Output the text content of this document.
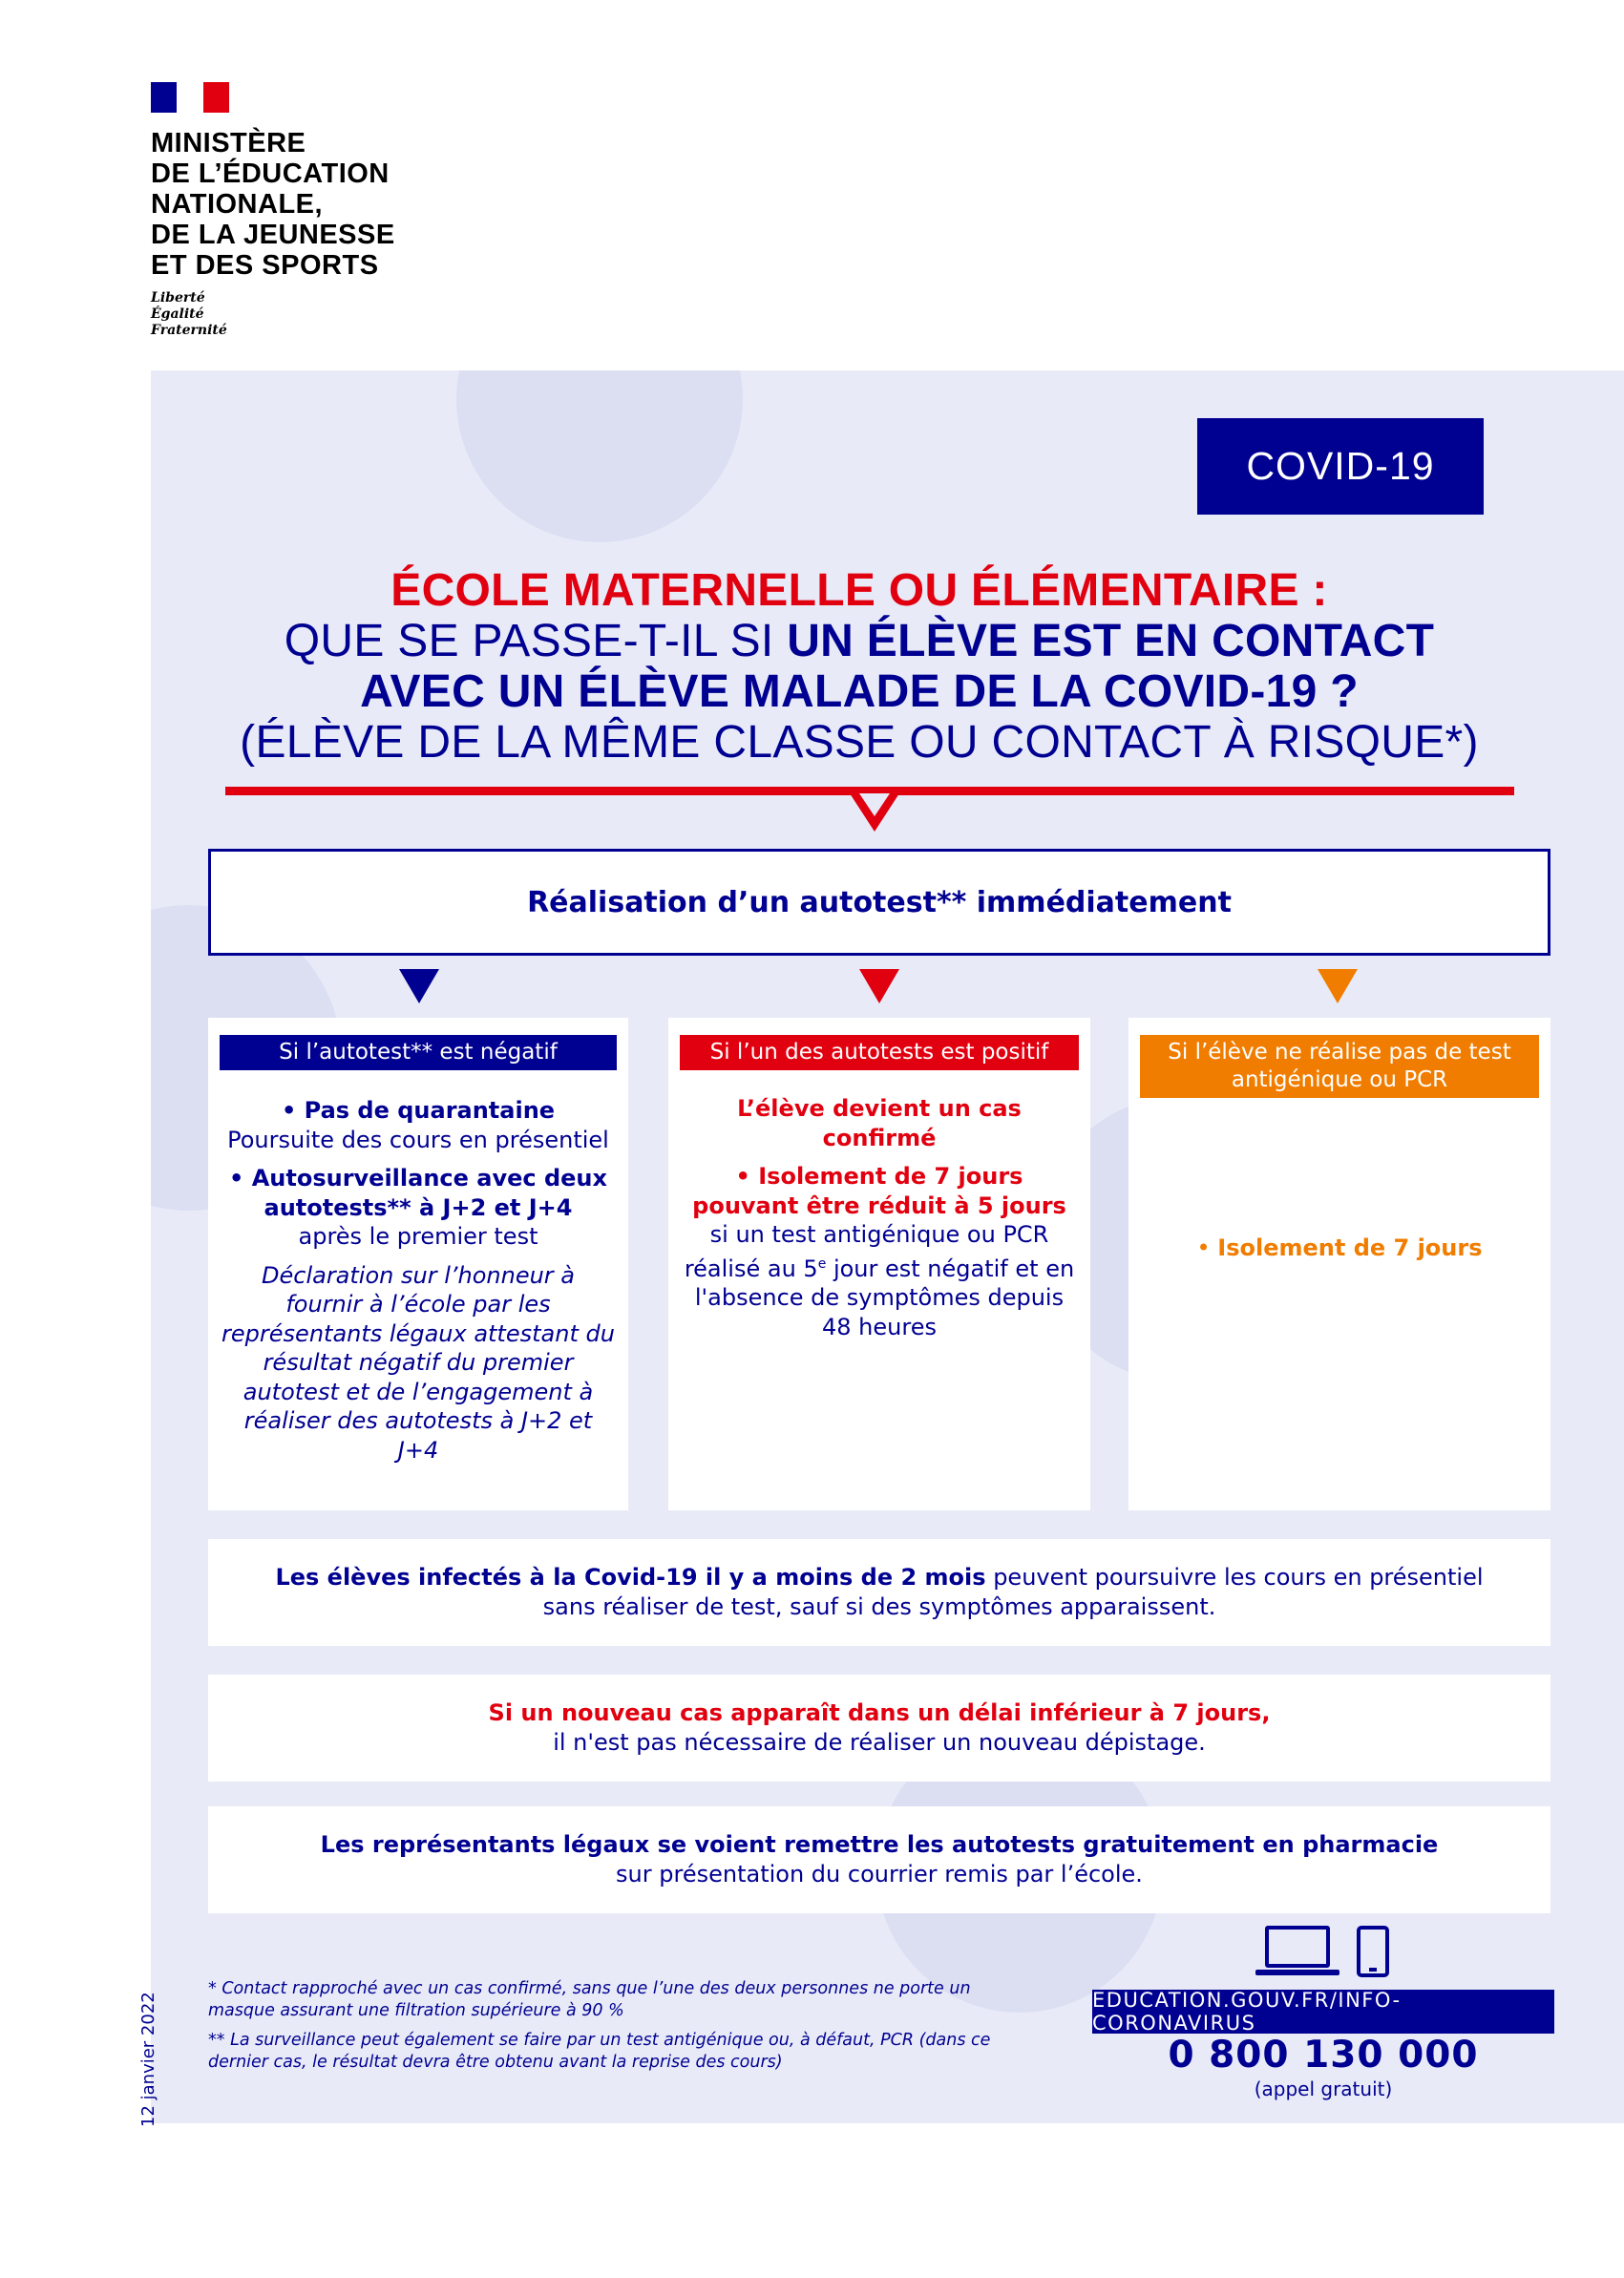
MINISTÈRE
DE L’ÉDUCATION
NATIONALE,
DE LA JEUNESSE
ET DES SPORTS
Liberté
Égalité
Fraternité
COVID-19
ÉCOLE MATERNELLE OU ÉLÉMENTAIRE :
QUE SE PASSE-T-IL SI UN ÉLÈVE EST EN CONTACT
AVEC UN ÉLÈVE MALADE DE LA COVID-19 ?
(ÉLÈVE DE LA MÊME CLASSE OU CONTACT À RISQUE*)
Réalisation d’un autotest** immédiatement
Si l’autotest** est négatif

• Pas de quarantaine
Poursuite des cours en présentiel

• Autosurveillance avec deux autotests** à J+2 et J+4
après le premier test

Déclaration sur l’honneur à fournir à l’école par les représentants légaux attestant du résultat négatif du premier autotest et de l’engagement à réaliser des autotests à J+2 et J+4

Si l’un des autotests est positif

L’élève devient un cas confirmé

• Isolement de 7 jours pouvant être réduit à 5 jours si un test antigénique ou PCR réalisé au 5e jour est négatif et en l'absence de symptômes depuis 48 heures

Si l’élève ne réalise pas de test antigénique ou PCR

• Isolement de 7 jours

Les élèves infectés à la Covid-19 il y a moins de 2 mois peuvent poursuivre les cours en présentiel
sans réaliser de test, sauf si des symptômes apparaissent.
Si un nouveau cas apparaît dans un délai inférieur à 7 jours,
il n'est pas nécessaire de réaliser un nouveau dépistage.
Les représentants légaux se voient remettre les autotests gratuitement en pharmacie
sur présentation du courrier remis par l’école.

* Contact rapproché avec un cas confirmé, sans que l’une des deux personnes ne porte un masque assurant une filtration supérieure à 90 %

** La surveillance peut également se faire par un test antigénique ou, à défaut, PCR (dans ce dernier cas, le résultat devra être obtenu avant la reprise des cours)

EDUCATION.GOUV.FR/INFO-CORONAVIRUS
0 800 130 000
(appel gratuit)
12 janvier 2022
